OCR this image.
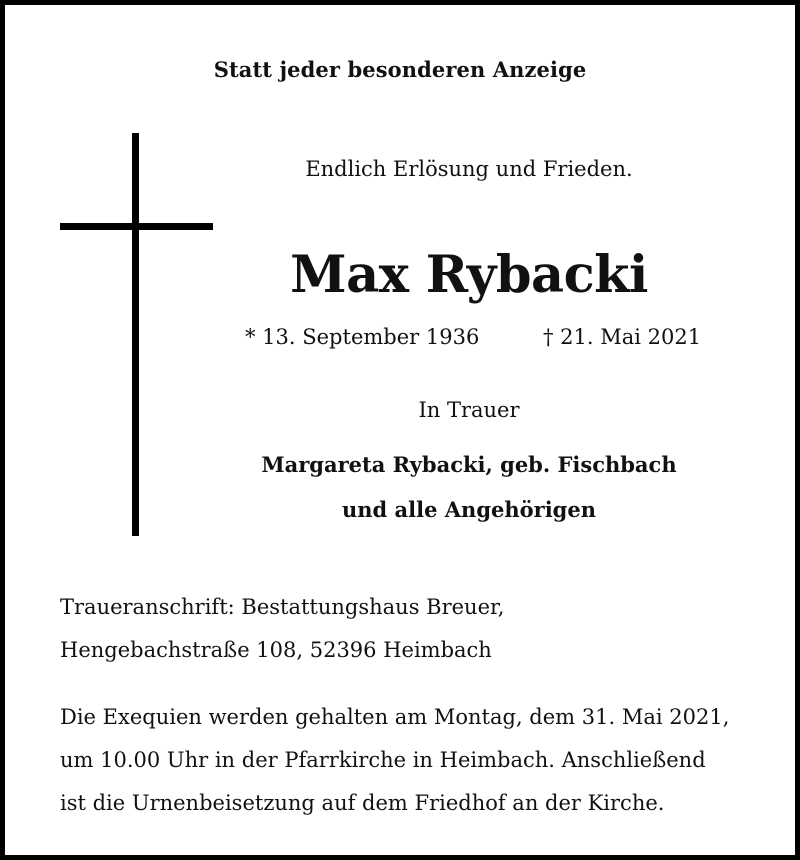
Statt jeder besonderen Anzeige
Endlich Erlösung und Frieden.
Max Rybacki
* 13. September 1936	† 21. Mai 2021
In Trauer
Margareta Rybacki, geb. Fischbach
und alle Angehörigen
Traueranschrift: Bestattungshaus Breuer,
Hengebachstraße 108, 52396 Heimbach
Die Exequien werden gehalten am Montag, dem 31. Mai 2021,
um 10.00 Uhr in der Pfarrkirche in Heimbach. Anschließend
ist die Urnenbeisetzung auf dem Friedhof an der Kirche.
